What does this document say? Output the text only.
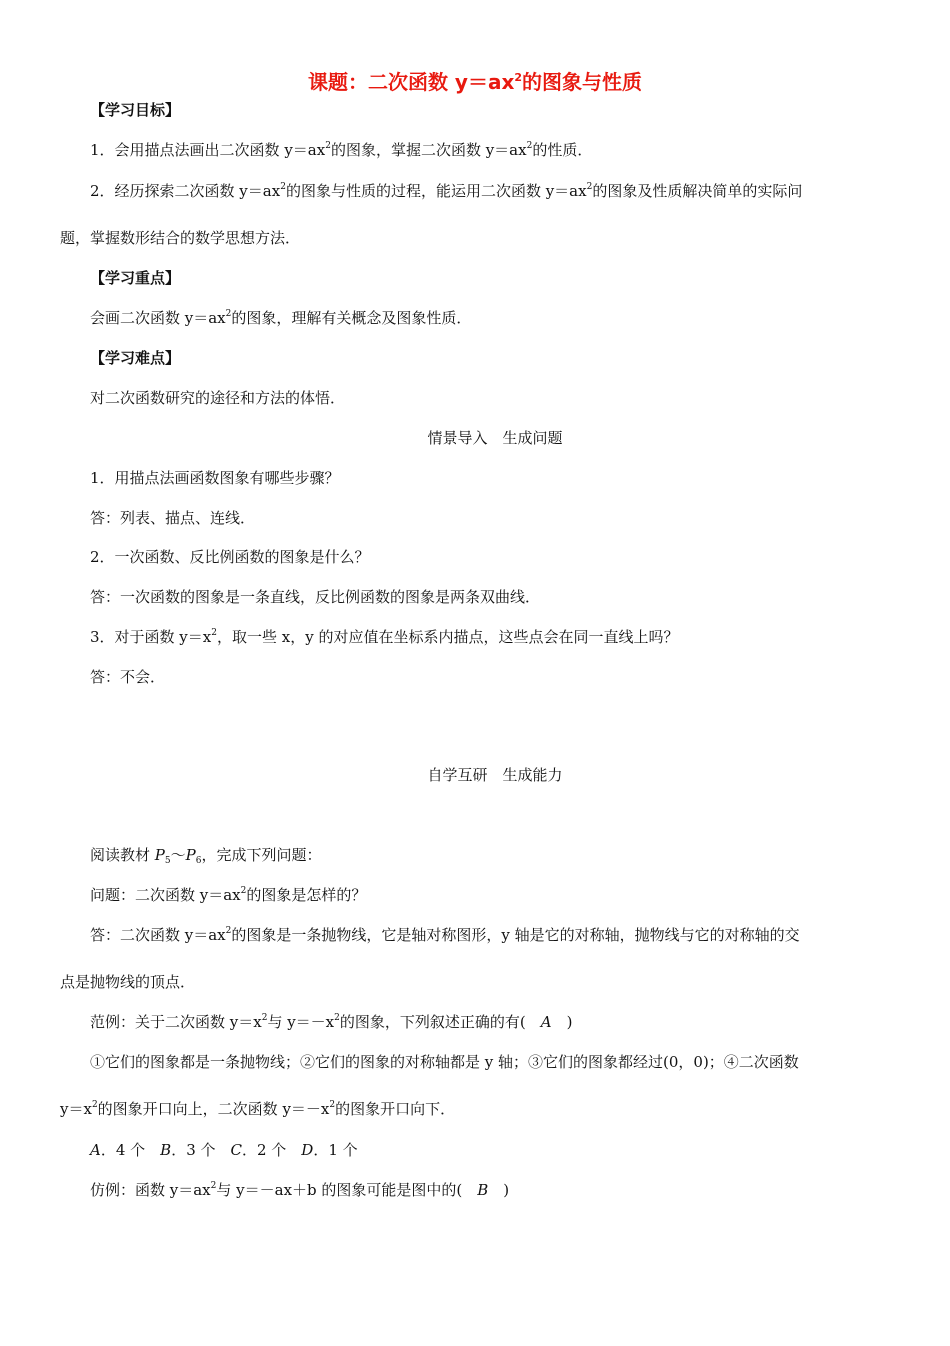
课题：二次函数 $y=ax^2$的图象与性质
【学习目标】
1．会用描点法画出二次函数 $y=ax^2$的图象，掌握二次函数 $y=ax^2$的性质．
2．经历探索二次函数 $y=ax^2$的图象与性质的过程，能运用二次函数 $y=ax^2$的图象及性质解决简单的实际问
题，掌握数形结合的数学思想方法．
【学习重点】
会画二次函数 $y=ax^2$的图象，理解有关概念及图象性质．
【学习难点】
对二次函数研究的途径和方法的体悟．
情景导入　生成问题
1．用描点法画函数图象有哪些步骤？
答：列表、描点、连线．
2．一次函数、反比例函数的图象是什么？
答：一次函数的图象是一条直线，反比例函数的图象是两条双曲线．
3．对于函数 $y=x^2$，取一些 x，y 的对应值在坐标系内描点，这些点会在同一直线上吗？
答：不会．
自学互研　生成能力
阅读教材 $P_5\sim P_6$，完成下列问题：
问题：二次函数 $y=ax^2$的图象是怎样的？
答：二次函数 $y=ax^2$的图象是一条抛物线，它是轴对称图形，y 轴是它的对称轴，抛物线与它的对称轴的交
点是抛物线的顶点．
范例：关于二次函数 $y=x^2$与 $y=-x^2$的图象，下列叙述正确的有(　A　)
①它们的图象都是一条抛物线；②它们的图象的对称轴都是 y 轴；③它们的图象都经过(0，0)；④二次函数
$y=x^2$的图象开口向上，二次函数 $y=-x^2$的图象开口向下．
A．4 个　B．3 个　C．2 个　D．1 个
仿例：函数 $y=ax^2$与 y＝－ax＋b 的图象可能是图中的(　B　)
